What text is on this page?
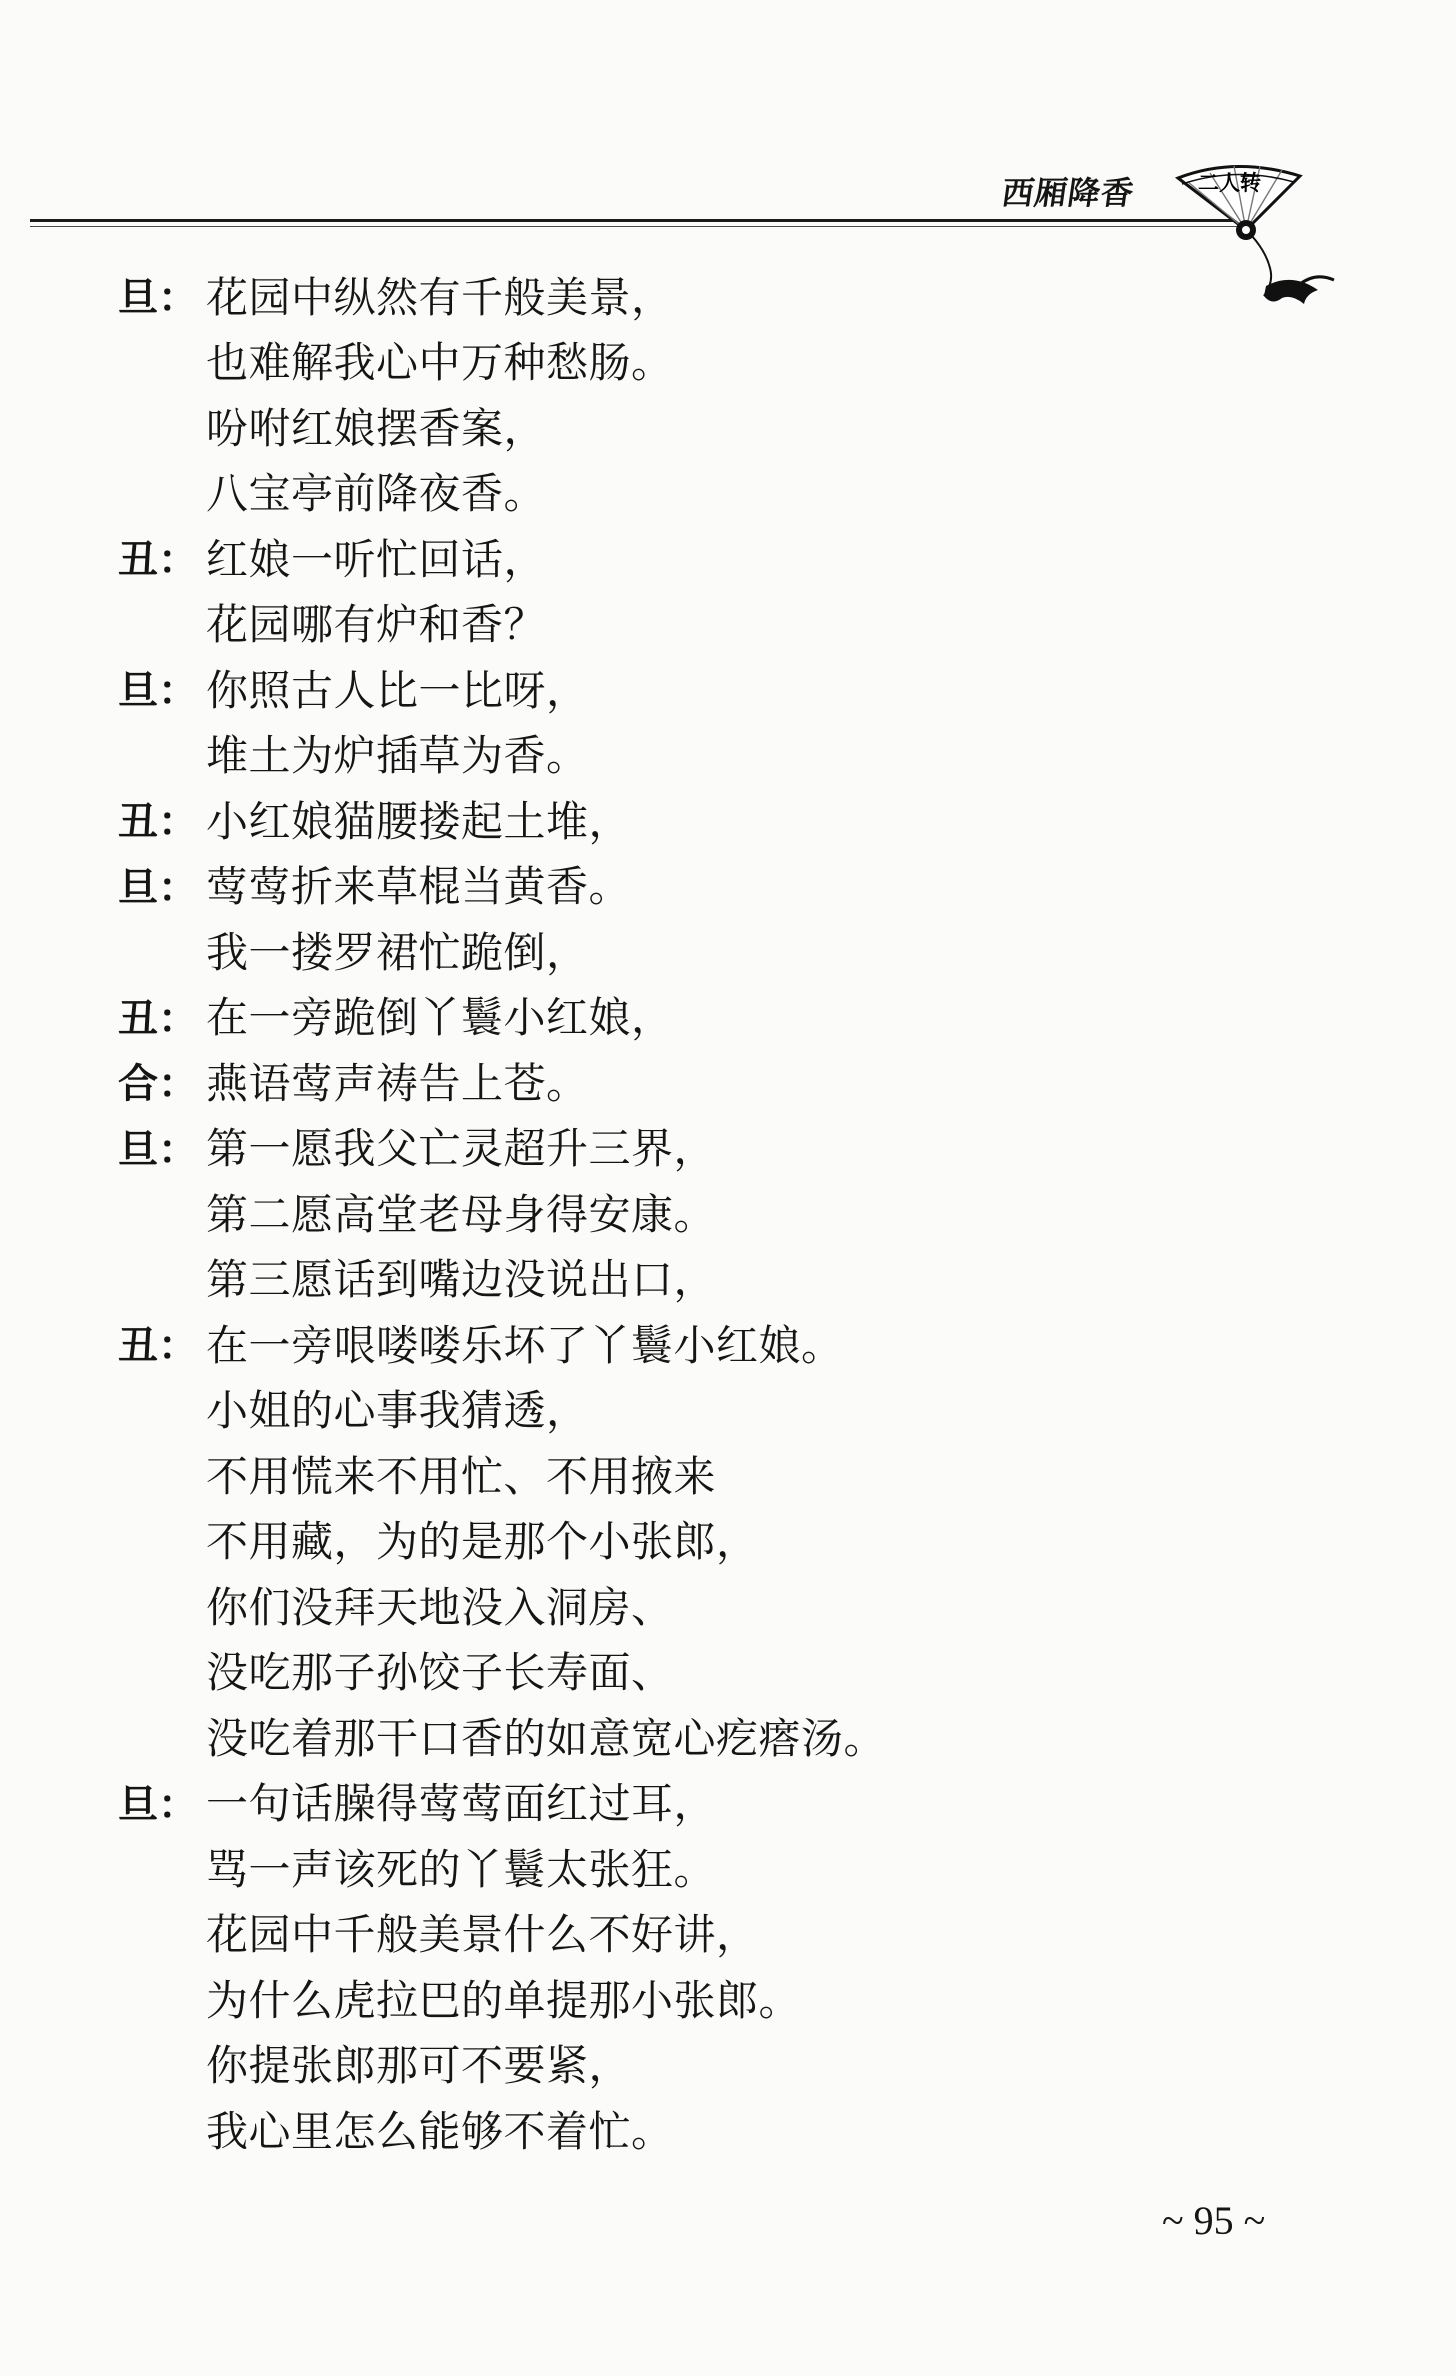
西厢降香	二人转
旦： 花园中纵然有千般美景，
也难解我心中万种愁肠。
吩咐红娘摆香案，
八宝亭前降夜香。
丑： 红娘一听忙回话，
花园哪有炉和香？
旦： 你照古人比一比呀，
堆土为炉插草为香。
丑： 小红娘猫腰搂起土堆，
旦： 莺莺折来草棍当黄香。
我一搂罗裙忙跪倒，
丑： 在一旁跪倒丫鬟小红娘，
合： 燕语莺声祷告上苍。
旦： 第一愿我父亡灵超升三界，
第二愿高堂老母身得安康。
第三愿话到嘴边没说出口，
丑： 在一旁哏喽喽乐坏了丫鬟小红娘。
小姐的心事我猜透，
不用慌来不用忙、不用掖来
不用藏，为的是那个小张郎，
你们没拜天地没入洞房、
没吃那子孙饺子长寿面、
没吃着那干口香的如意宽心疙瘩汤。
旦： 一句话臊得莺莺面红过耳，
骂一声该死的丫鬟太张狂。
花园中千般美景什么不好讲，
为什么虎拉巴的单提那小张郎。
你提张郎那可不要紧，
我心里怎么能够不着忙。
~ 95 ~
